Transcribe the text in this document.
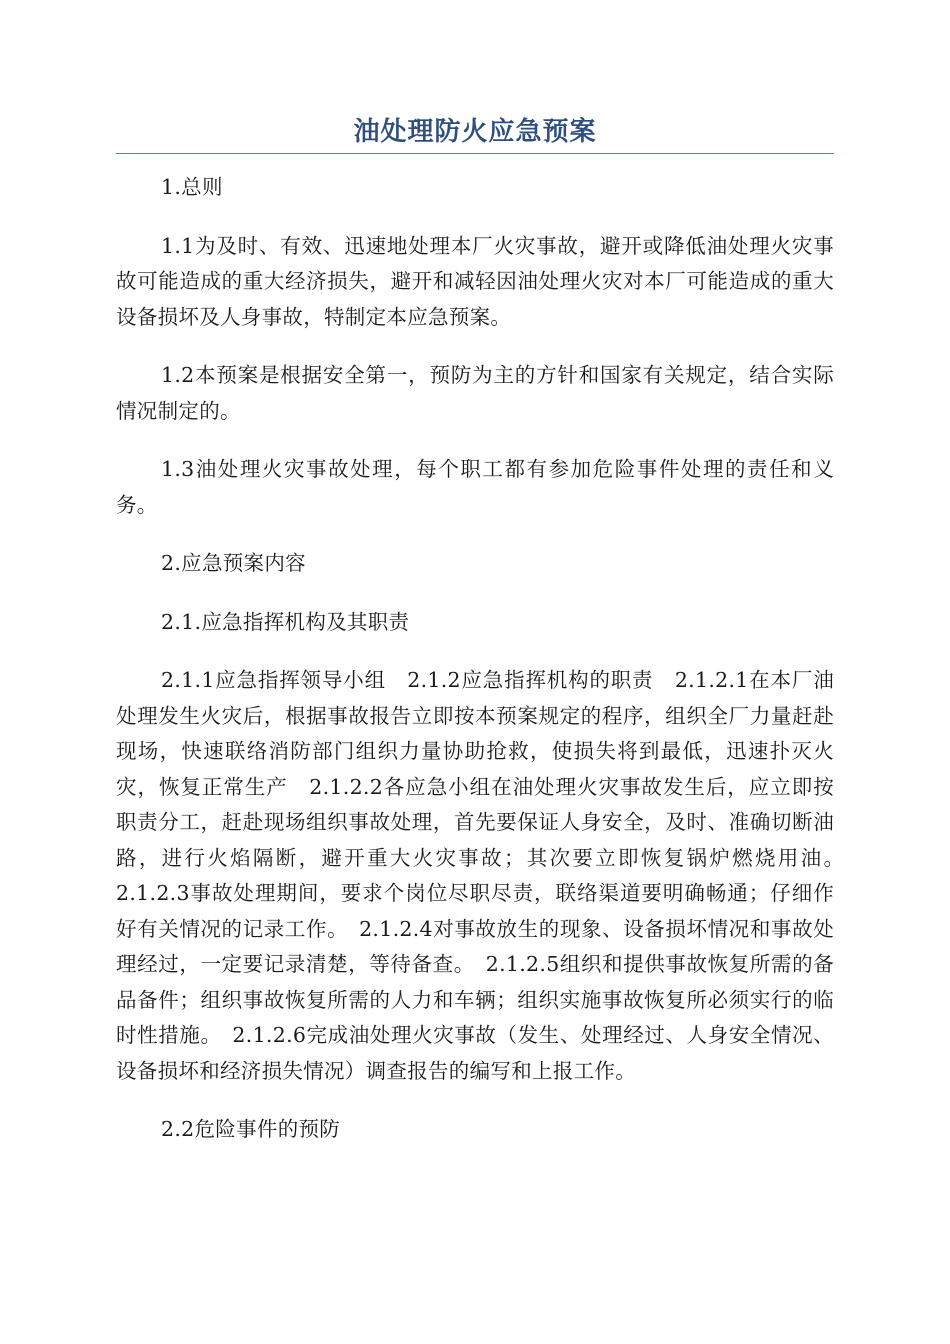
油处理防火应急预案

1.总则

1.1为及时、有效、迅速地处理本厂火灾事故，避开或降低油处理火灾事故可能造成的重大经济损失，避开和减轻因油处理火灾对本厂可能造成的重大设备损坏及人身事故，特制定本应急预案。

1.2本预案是根据安全第一，预防为主的方针和国家有关规定，结合实际情况制定的。

1.3油处理火灾事故处理，每个职工都有参加危险事件处理的责任和义务。

2.应急预案内容

2.1.应急指挥机构及其职责

2.1.1应急指挥领导小组　2.1.2应急指挥机构的职责　2.1.2.1在本厂油处理发生火灾后，根据事故报告立即按本预案规定的程序，组织全厂力量赶赴现场，快速联络消防部门组织力量协助抢救，使损失将到最低，迅速扑灭火灾，恢复正常生产　2.1.2.2各应急小组在油处理火灾事故发生后，应立即按职责分工，赶赴现场组织事故处理，首先要保证人身安全，及时、准确切断油路，进行火焰隔断，避开重大火灾事故；其次要立即恢复锅炉燃烧用油。　2.1.2.3事故处理期间，要求个岗位尽职尽责，联络渠道要明确畅通；仔细作好有关情况的记录工作。　2.1.2.4对事故放生的现象、设备损坏情况和事故处理经过，一定要记录清楚，等待备查。　2.1.2.5组织和提供事故恢复所需的备品备件；组织事故恢复所需的人力和车辆；组织实施事故恢复所必须实行的临时性措施。　2.1.2.6完成油处理火灾事故（发生、处理经过、人身安全情况、设备损坏和经济损失情况）调查报告的编写和上报工作。

2.2危险事件的预防
